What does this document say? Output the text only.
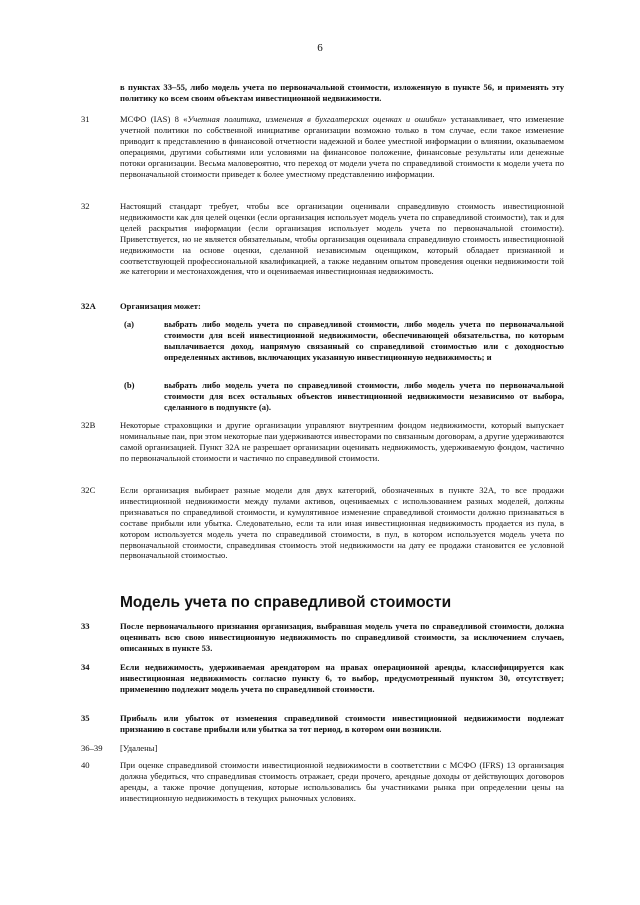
6
в пунктах 33–55, либо модель учета по первоначальной стоимости, изложенную в пункте 56, и применять эту политику ко всем своим объектам инвестиционной недвижимости.
31	МСФО (IAS) 8 «Учетная политика, изменения в бухгалтерских оценках и ошибки» устанавливает, что изменение учетной политики по собственной инициативе организации возможно только в том случае, если такое изменение приводит к представлению в финансовой отчетности надежной и более уместной информации о влиянии, оказываемом операциями, другими событиями или условиями на финансовое положение, финансовые результаты или денежные потоки организации. Весьма маловероятно, что переход от модели учета по справедливой стоимости к модели учета по первоначальной стоимости приведет к более уместному представлению информации.
32	Настоящий стандарт требует, чтобы все организации оценивали справедливую стоимость инвестиционной недвижимости как для целей оценки (если организация использует модель учета по справедливой стоимости), так и для целей раскрытия информации (если организация использует модель учета по первоначальной стоимости). Приветствуется, но не является обязательным, чтобы организация оценивала справедливую стоимость инвестиционной недвижимости на основе оценки, сделанной независимым оценщиком, который обладает признанной и соответствующей профессиональной квалификацией, а также недавним опытом проведения оценки недвижимости той же категории и местонахождения, что и оцениваемая инвестиционная недвижимость.
32A	Организация может:
(a)	выбрать либо модель учета по справедливой стоимости, либо модель учета по первоначальной стоимости для всей инвестиционной недвижимости, обеспечивающей обязательства, по которым выплачивается доход, напрямую связанный со справедливой стоимостью или с доходностью определенных активов, включающих указанную инвестиционную недвижимость; и
(b)	выбрать либо модель учета по справедливой стоимости, либо модель учета по первоначальной стоимости для всех остальных объектов инвестиционной недвижимости независимо от выбора, сделанного в подпункте (a).
32B	Некоторые страховщики и другие организации управляют внутренним фондом недвижимости, который выпускает номинальные паи, при этом некоторые паи удерживаются инвесторами по связанным договорам, а другие удерживаются самой организацией. Пункт 32A не разрешает организации оценивать недвижимость, удерживаемую фондом, частично по первоначальной стоимости и частично по справедливой стоимости.
32C	Если организация выбирает разные модели для двух категорий, обозначенных в пункте 32A, то все продажи инвестиционной недвижимости между пулами активов, оцениваемых с использованием разных моделей, должны признаваться по справедливой стоимости, и кумулятивное изменение справедливой стоимости должно признаваться в составе прибыли или убытка. Следовательно, если та или иная инвестиционная недвижимость продается из пула, в котором используется модель учета по справедливой стоимости, в пул, в котором используется модель учета по первоначальной стоимости, справедливая стоимость этой недвижимости на дату ее продажи становится ее условной первоначальной стоимостью.
Модель учета по справедливой стоимости
33	После первоначального признания организация, выбравшая модель учета по справедливой стоимости, должна оценивать всю свою инвестиционную недвижимость по справедливой стоимости, за исключением случаев, описанных в пункте 53.
34	Если недвижимость, удерживаемая арендатором на правах операционной аренды, классифицируется как инвестиционная недвижимость согласно пункту 6, то выбор, предусмотренный пунктом 30, отсутствует; применению подлежит модель учета по справедливой стоимости.
35	Прибыль или убыток от изменения справедливой стоимости инвестиционной недвижимости подлежат признанию в составе прибыли или убытка за тот период, в котором они возникли.
36–39 [Удалены]
40	При оценке справедливой стоимости инвестиционной недвижимости в соответствии с МСФО (IFRS) 13 организация должна убедиться, что справедливая стоимость отражает, среди прочего, арендные доходы от действующих договоров аренды, а также прочие допущения, которые использовались бы участниками рынка при определении цены на инвестиционную недвижимость в текущих рыночных условиях.
